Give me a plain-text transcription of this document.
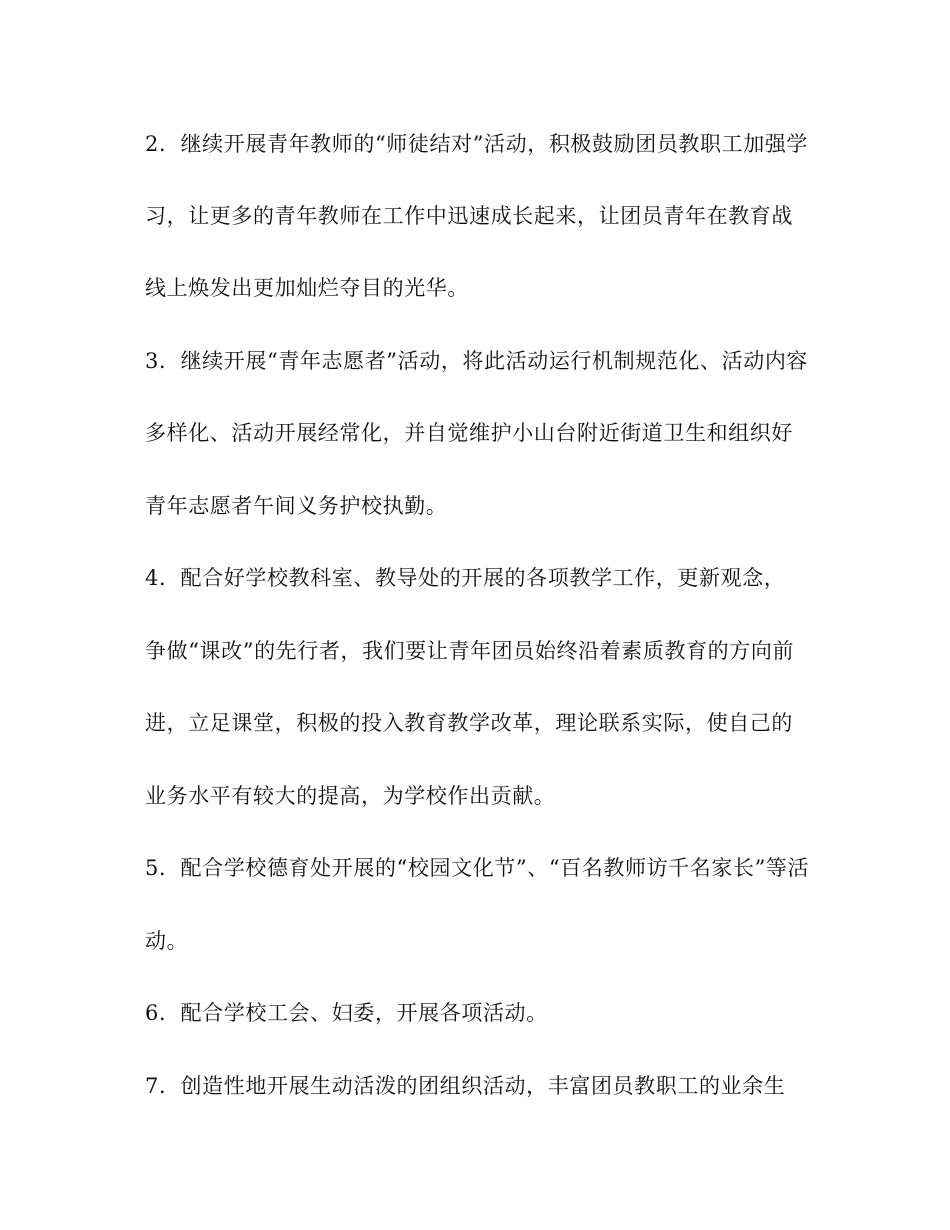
2．继续开展青年教师的“师徒结对”活动，积极鼓励团员教职工加强学
习，让更多的青年教师在工作中迅速成长起来，让团员青年在教育战
线上焕发出更加灿烂夺目的光华。
3．继续开展“青年志愿者”活动，将此活动运行机制规范化、活动内容
多样化、活动开展经常化，并自觉维护小山台附近街道卫生和组织好
青年志愿者午间义务护校执勤。
4．配合好学校教科室、教导处的开展的各项教学工作，更新观念，
争做“课改”的先行者，我们要让青年团员始终沿着素质教育的方向前
进，立足课堂，积极的投入教育教学改革，理论联系实际，使自己的
业务水平有较大的提高，为学校作出贡献。
5．配合学校德育处开展的“校园文化节”、“百名教师访千名家长”等活
动。
6．配合学校工会、妇委，开展各项活动。
7．创造性地开展生动活泼的团组织活动，丰富团员教职工的业余生
